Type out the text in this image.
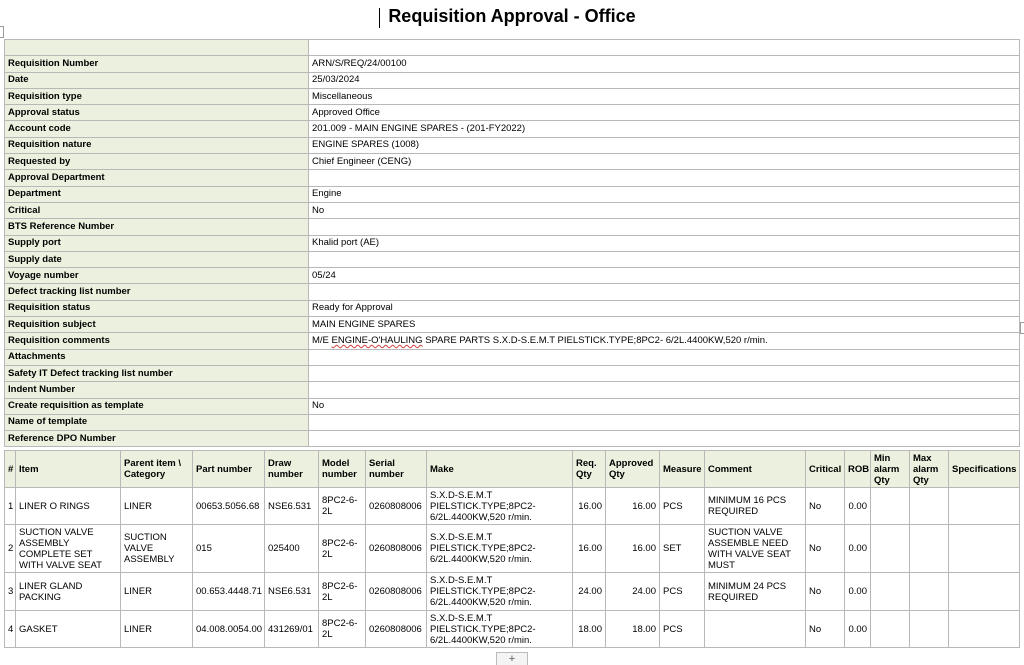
Requisition Approval - Office

Requisition Number	ARN/S/REQ/24/00100
Date	25/03/2024
Requisition type	Miscellaneous
Approval status	Approved Office
Account code	201.009 - MAIN ENGINE SPARES - (201-FY2022)
Requisition nature	ENGINE SPARES (1008)
Requested by	Chief Engineer (CENG)
Approval Department	
Department	Engine
Critical	No
BTS Reference Number	
Supply port	Khalid port (AE)
Supply date	
Voyage number	05/24
Defect tracking list number	
Requisition status	Ready for Approval
Requisition subject	MAIN ENGINE SPARES
Requisition comments	M/E ENGINE-O'HAULING SPARE PARTS S.X.D-S.E.M.T PIELSTICK.TYPE;8PC2- 6/2L.4400KW,520 r/min.
Attachments	
Safety IT Defect tracking list number	
Indent Number	
Create requisition as template	No
Name of template	
Reference DPO Number	
#	Item	Parent item \ Category	Part number	Draw number	Model number	Serial number	Make	Req. Qty	Approved Qty	Measure	Comment	Critical	ROB	Min alarm Qty	Max alarm Qty	Specifications
1	LINER O RINGS	LINER	00653.5056.68	NSE6.531	8PC2-6-2L	0260808006	S.X.D-S.E.M.T PIELSTICK.TYPE;8PC2-6/2L.4400KW,520 r/min.	16.00	16.00	PCS	MINIMUM 16 PCS REQUIRED	No	0.00			
2	SUCTION VALVE ASSEMBLY COMPLETE SET WITH VALVE SEAT	SUCTION VALVE ASSEMBLY	015	025400	8PC2-6-2L	0260808006	S.X.D-S.E.M.T PIELSTICK.TYPE;8PC2-6/2L.4400KW,520 r/min.	16.00	16.00	SET	SUCTION VALVE ASSEMBLE NEED WITH VALVE SEAT MUST	No	0.00			
3	LINER GLAND PACKING	LINER	00.653.4448.71	NSE6.531	8PC2-6-2L	0260808006	S.X.D-S.E.M.T PIELSTICK.TYPE;8PC2-6/2L.4400KW,520 r/min.	24.00	24.00	PCS	MINIMUM 24 PCS REQUIRED	No	0.00			
4	GASKET	LINER	04.008.0054.00	431269/01	8PC2-6-2L	0260808006	S.X.D-S.E.M.T PIELSTICK.TYPE;8PC2-6/2L.4400KW,520 r/min.	18.00	18.00	PCS		No	0.00			
+
